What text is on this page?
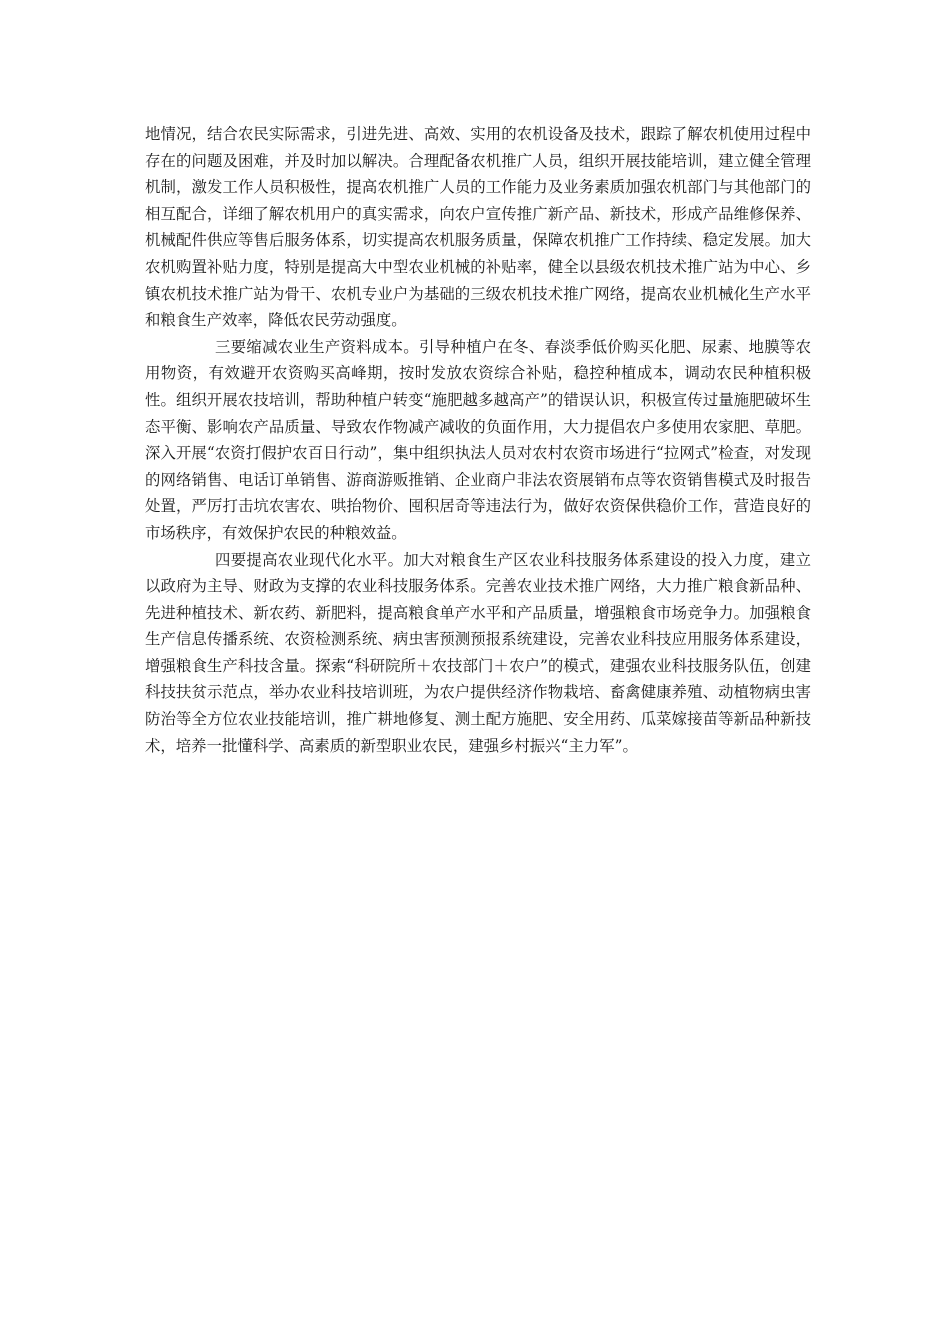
地情况，结合农民实际需求，引进先进、高效、实用的农机设备及技术，跟踪了解农机使用过程中存在的问题及困难，并及时加以解决。合理配备农机推广人员，组织开展技能培训，建立健全管理机制，激发工作人员积极性，提高农机推广人员的工作能力及业务素质加强农机部门与其他部门的相互配合，详细了解农机用户的真实需求，向农户宣传推广新产品、新技术，形成产品维修保养、机械配件供应等售后服务体系，切实提高农机服务质量，保障农机推广工作持续、稳定发展。加大农机购置补贴力度，特别是提高大中型农业机械的补贴率，健全以县级农机技术推广站为中心、乡镇农机技术推广站为骨干、农机专业户为基础的三级农机技术推广网络，提高农业机械化生产水平和粮食生产效率，降低农民劳动强度。

三要缩减农业生产资料成本。引导种植户在冬、春淡季低价购买化肥、尿素、地膜等农用物资，有效避开农资购买高峰期，按时发放农资综合补贴，稳控种植成本，调动农民种植积极性。组织开展农技培训，帮助种植户转变“施肥越多越高产”的错误认识，积极宣传过量施肥破坏生态平衡、影响农产品质量、导致农作物减产减收的负面作用，大力提倡农户多使用农家肥、草肥。深入开展“农资打假护农百日行动”，集中组织执法人员对农村农资市场进行“拉网式”检查，对发现的网络销售、电话订单销售、游商游贩推销、企业商户非法农资展销布点等农资销售模式及时报告处置，严厉打击坑农害农、哄抬物价、囤积居奇等违法行为，做好农资保供稳价工作，营造良好的市场秩序，有效保护农民的种粮效益。

四要提高农业现代化水平。加大对粮食生产区农业科技服务体系建设的投入力度，建立以政府为主导、财政为支撑的农业科技服务体系。完善农业技术推广网络，大力推广粮食新品种、先进种植技术、新农药、新肥料，提高粮食单产水平和产品质量，增强粮食市场竞争力。加强粮食生产信息传播系统、农资检测系统、病虫害预测预报系统建设，完善农业科技应用服务体系建设，增强粮食生产科技含量。探索“科研院所＋农技部门＋农户”的模式，建强农业科技服务队伍，创建科技扶贫示范点，举办农业科技培训班，为农户提供经济作物栽培、畜禽健康养殖、动植物病虫害防治等全方位农业技能培训，推广耕地修复、测土配方施肥、安全用药、瓜菜嫁接苗等新品种新技术，培养一批懂科学、高素质的新型职业农民，建强乡村振兴“主力军”。
